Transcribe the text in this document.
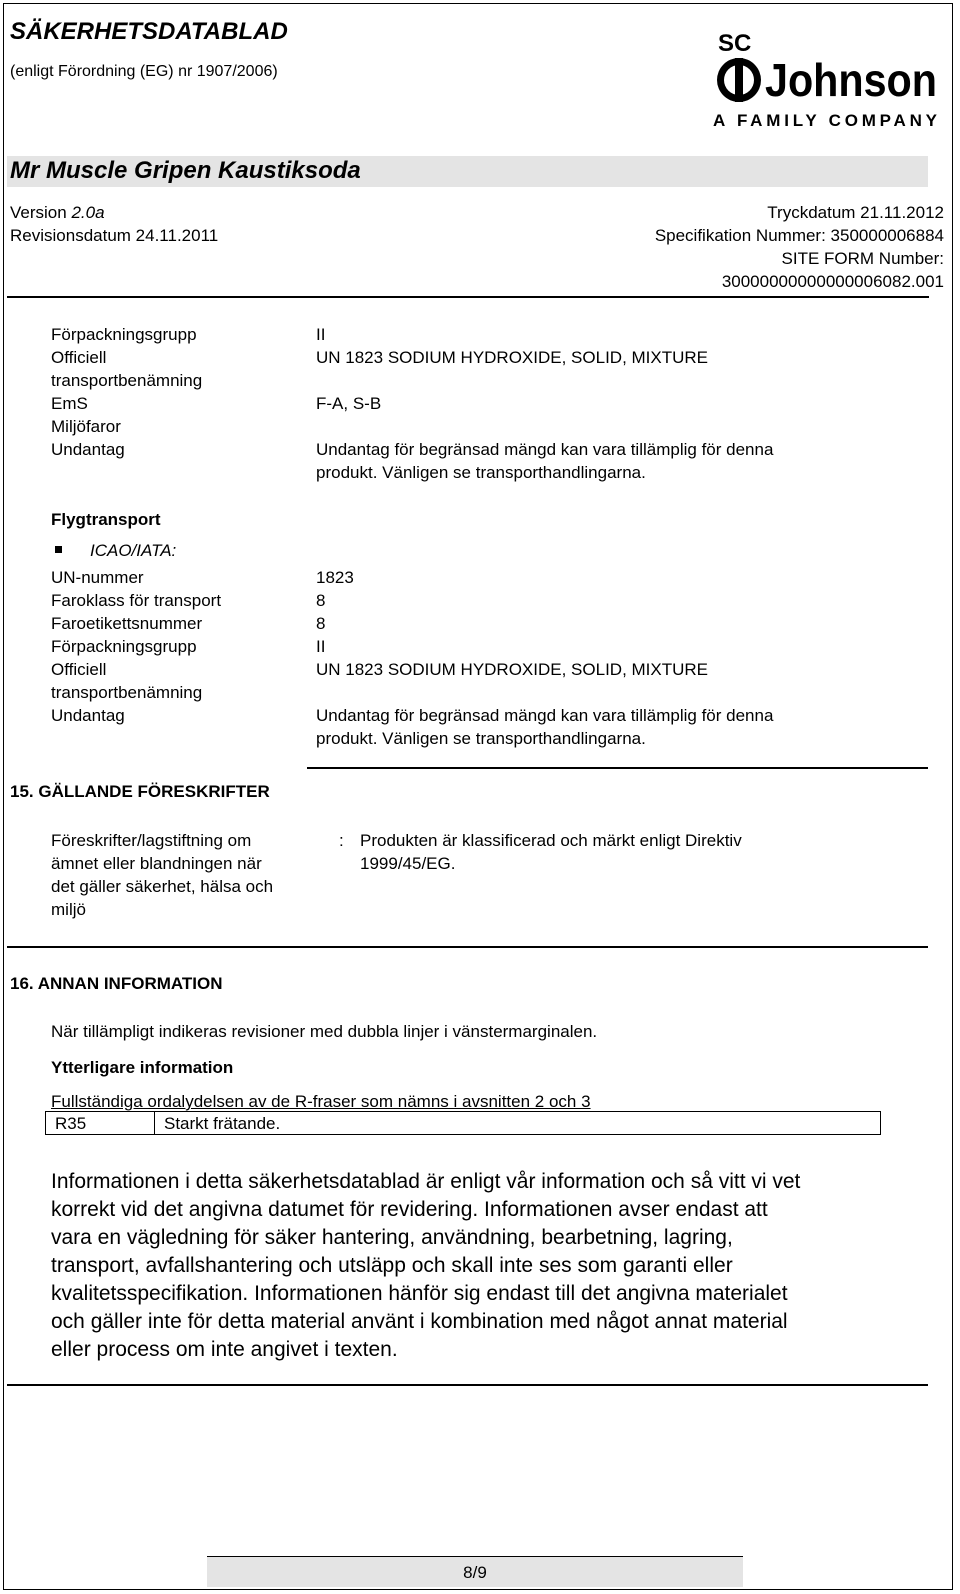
SÄKERHETSDATABLAD
(enligt Förordning (EG) nr 1907/2006)
SC
Johnson
A FAMILY COMPANY
Mr Muscle Gripen Kaustiksoda
Version 2.0a
Revisionsdatum 24.11.2011
Tryckdatum 21.11.2012
Specifikation Nummer: 350000006884
SITE FORM Number:
30000000000000006082.001
Förpackningsgrupp	II
Officiell	UN 1823 SODIUM HYDROXIDE, SOLID, MIXTURE
transportbenämning
EmS	F-A, S-B
Miljöfaror
Undantag	Undantag för begränsad mängd kan vara tillämplig för denna
produkt. Vänligen se transporthandlingarna.
Flygtransport
ICAO/IATA:
UN-nummer	1823
Faroklass för transport	8
Faroetikettsnummer	8
Förpackningsgrupp	II
Officiell	UN 1823 SODIUM HYDROXIDE, SOLID, MIXTURE
transportbenämning
Undantag	Undantag för begränsad mängd kan vara tillämplig för denna
produkt. Vänligen se transporthandlingarna.
15. GÄLLANDE FÖRESKRIFTER
Föreskrifter/lagstiftning om
ämnet eller blandningen när
det gäller säkerhet, hälsa och
miljö
: Produkten är klassificerad och märkt enligt Direktiv
1999/45/EG.
16. ANNAN INFORMATION
När tillämpligt indikeras revisioner med dubbla linjer i vänstermarginalen.
Ytterligare information
Fullständiga ordalydelsen av de R-fraser som nämns i avsnitten 2 och 3
R35	Starkt frätande.
Informationen i detta säkerhetsdatablad är enligt vår information och så vitt vi vet
korrekt vid det angivna datumet för revidering. Informationen avser endast att
vara en vägledning för säker hantering, användning, bearbetning, lagring,
transport, avfallshantering och utsläpp och skall inte ses som garanti eller
kvalitetsspecifikation. Informationen hänför sig endast till det angivna materialet
och gäller inte för detta material använt i kombination med något annat material
eller process om inte angivet i texten.
8/9
